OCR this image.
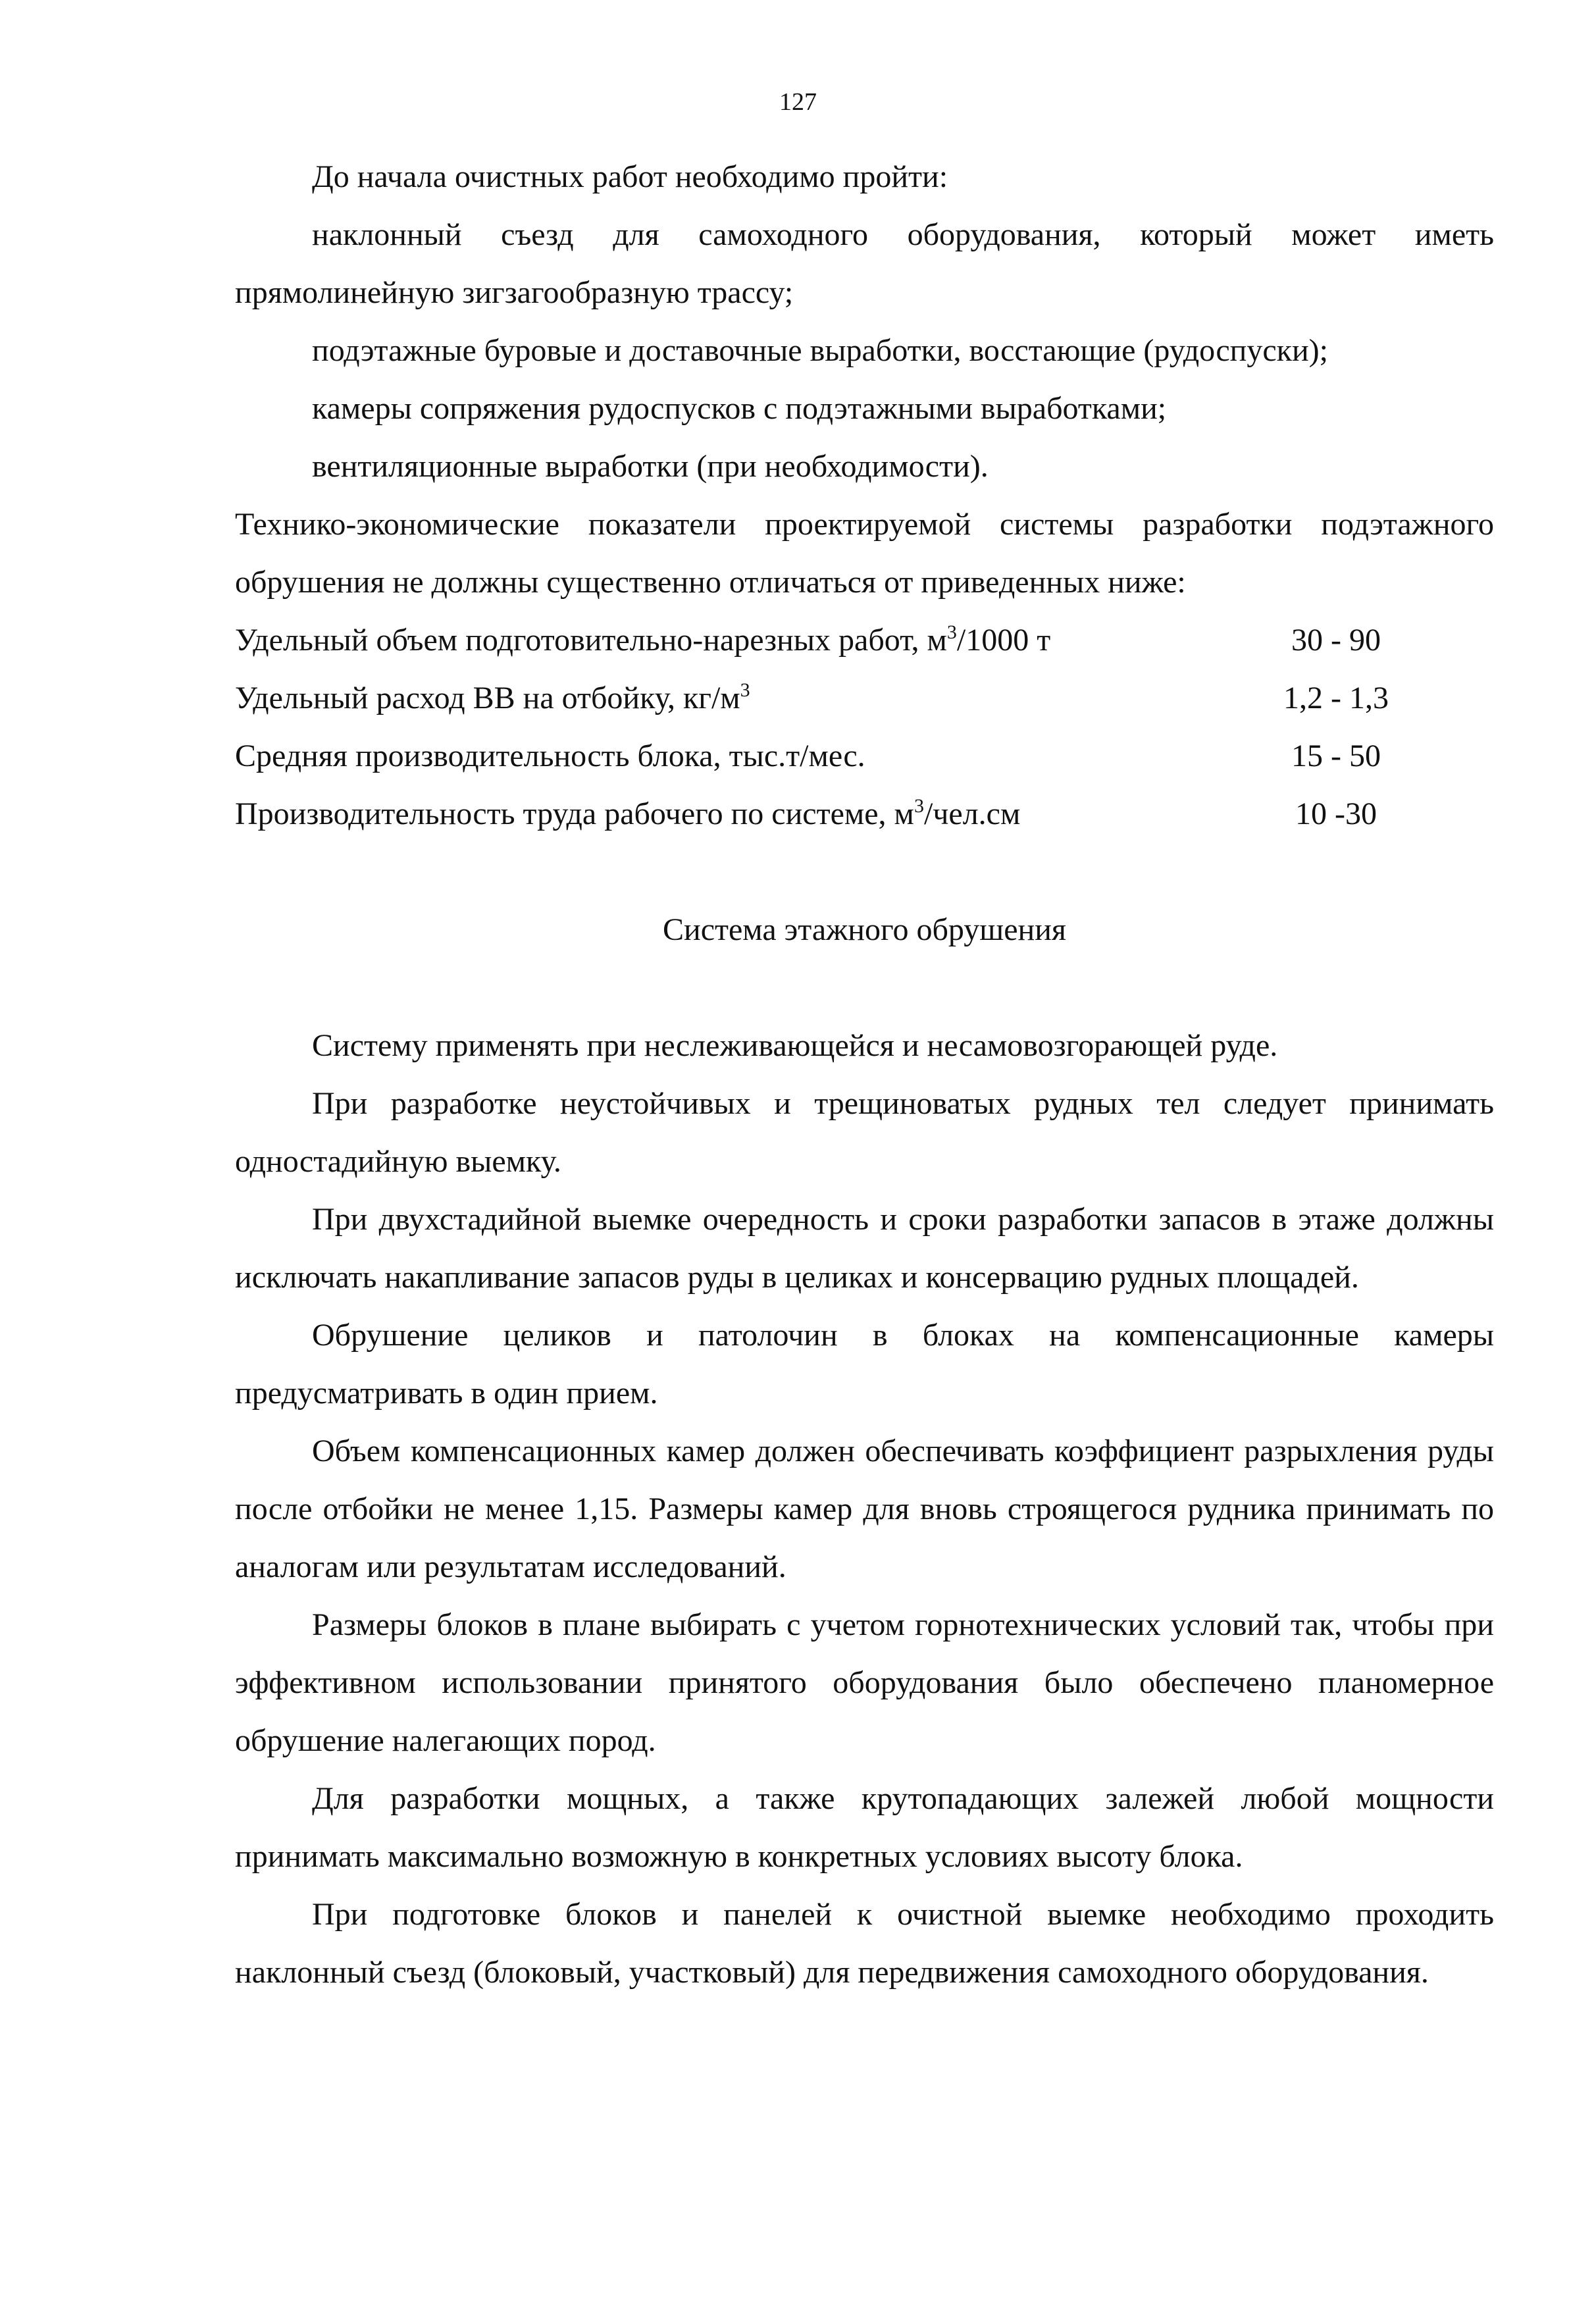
127

До начала очистных работ необходимо пройти:

наклонный съезд для самоходного оборудования, который может иметь прямолинейную зигзагообразную трассу;

подэтажные буровые и доставочные выработки, восстающие (рудоспуски);

камеры сопряжения рудоспусков с подэтажными выработками;

вентиляционные выработки (при необходимости).

Технико-экономические показатели проектируемой системы разработки подэтажного обрушения не должны существенно отличаться от приведенных ниже:

Удельный объем подготовительно-нарезных работ, $м^3/1000$ т	30 - 90
Удельный расход ВВ на отбойку, $кг/м^3$	1,2 - 1,3
Средняя производительность блока, тыс.т/мес.	15 - 50
Производительность труда рабочего по системе, $м^3/чел.см$	10 -30

Система этажного обрушения

Систему применять при неслеживающейся и несамовозгорающей руде.

При разработке неустойчивых и трещиноватых рудных тел следует принимать одностадийную выемку.

При двухстадийной выемке очередность и сроки разработки запасов в этаже должны исключать накапливание запасов руды в целиках и консервацию рудных площадей.

Обрушение целиков и патолочин в блоках на компенсационные камеры предусматривать в один прием.

Объем компенсационных камер должен обеспечивать коэффициент разрыхления руды после отбойки не менее 1,15. Размеры камер для вновь строящегося рудника принимать по аналогам или результатам исследований.

Размеры блоков в плане выбирать с учетом горнотехнических условий так, чтобы при эффективном использовании принятого оборудования было обеспечено планомерное обрушение налегающих пород.

Для разработки мощных, а также крутопадающих залежей любой мощности принимать максимально возможную в конкретных условиях высоту блока.

При подготовке блоков и панелей к очистной выемке необходимо проходить наклонный съезд (блоковый, участковый) для передвижения самоходного оборудования.
